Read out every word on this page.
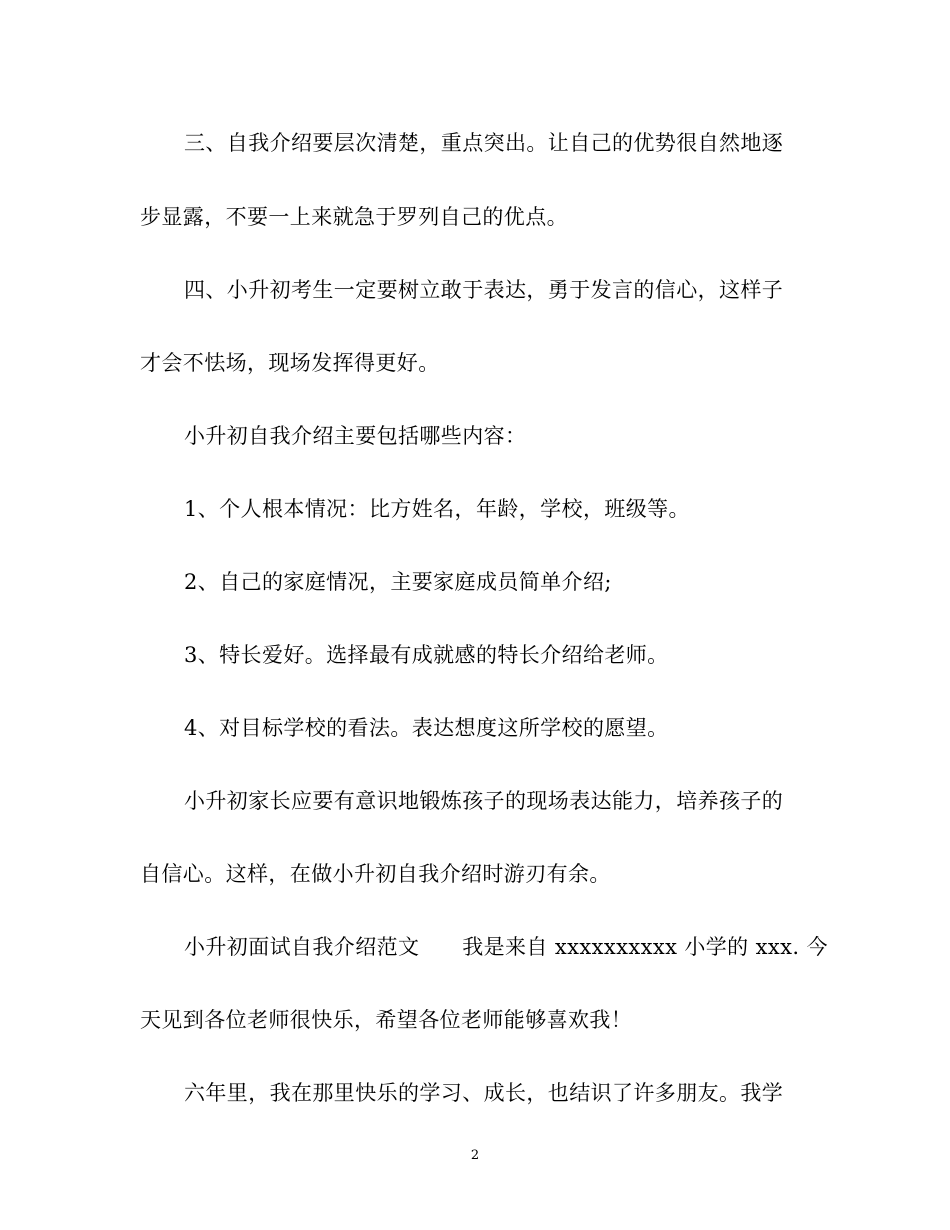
三、自我介绍要层次清楚，重点突出。让自己的优势很自然地逐
步显露，不要一上来就急于罗列自己的优点。
四、小升初考生一定要树立敢于表达，勇于发言的信心，这样子
才会不怯场，现场发挥得更好。
小升初自我介绍主要包括哪些内容：
1、个人根本情况：比方姓名，年龄，学校，班级等。
2、自己的家庭情况，主要家庭成员简单介绍;
3、特长爱好。选择最有成就感的特长介绍给老师。
4、对目标学校的看法。表达想度这所学校的愿望。
小升初家长应要有意识地锻炼孩子的现场表达能力，培养孩子的
自信心。这样，在做小升初自我介绍时游刃有余。
小升初面试自我介绍范文　　我是来自 xxxxxxxxxx 小学的 xxx. 今
天见到各位老师很快乐，希望各位老师能够喜欢我！
六年里，我在那里快乐的学习、成长，也结识了许多朋友。我学
2
